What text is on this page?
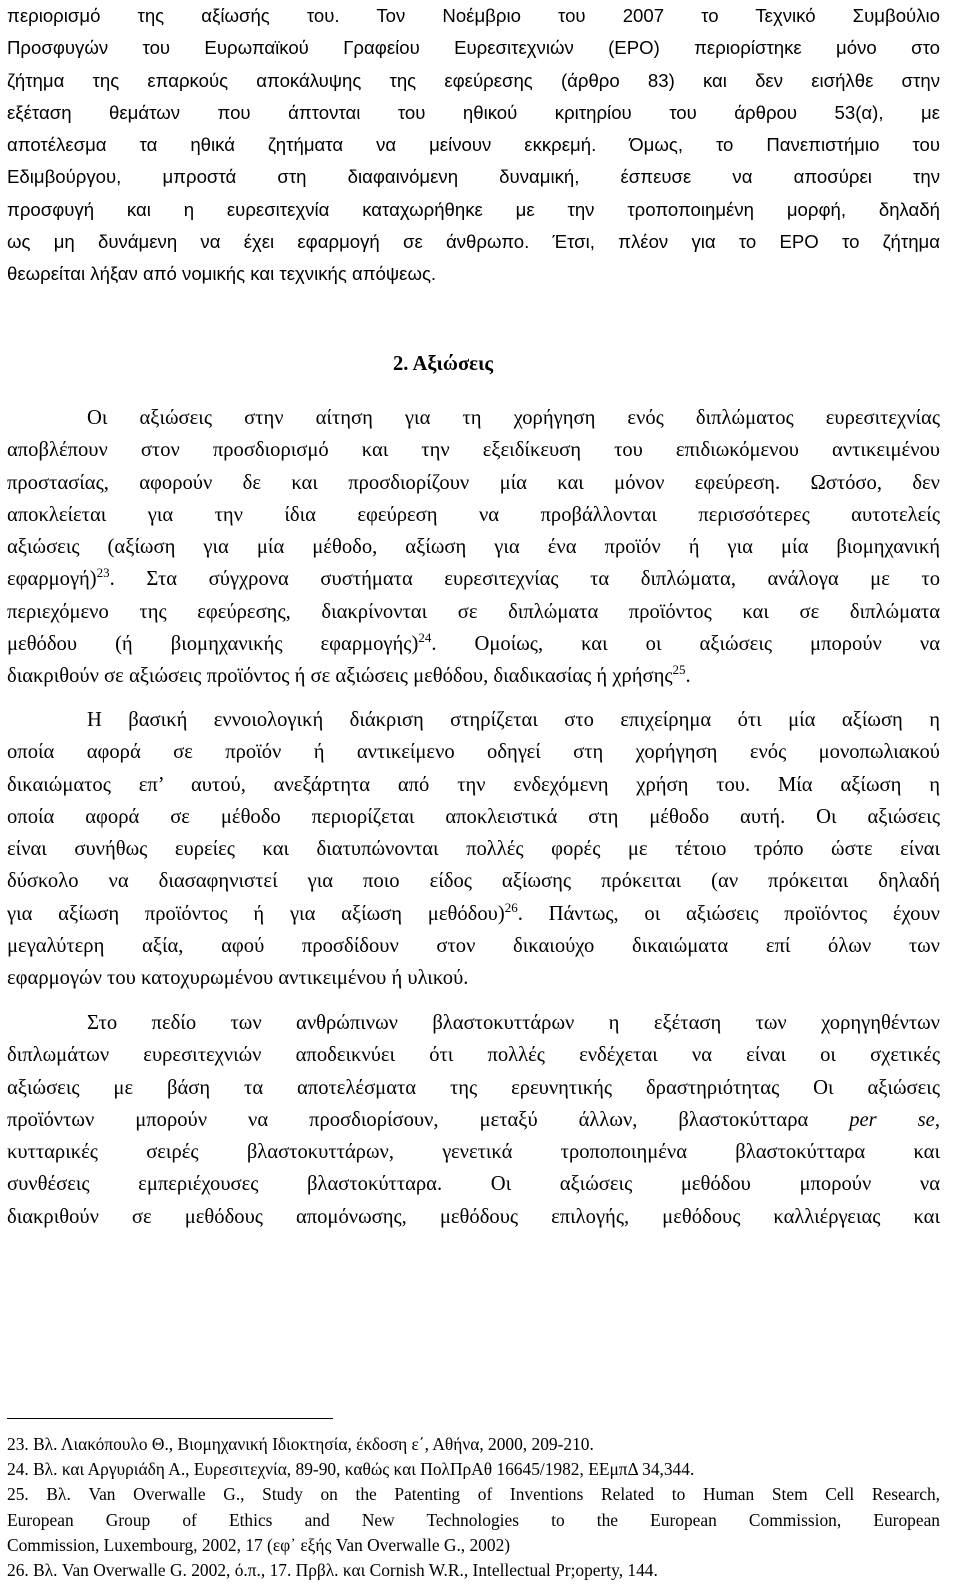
περιορισμό της αξίωσής του. Τον Νοέμβριο του 2007 το Τεχνικό Συμβούλιο
Προσφυγών του Ευρωπαϊκού Γραφείου Ευρεσιτεχνιών (EPO) περιορίστηκε μόνο στο
ζήτημα της επαρκούς αποκάλυψης της εφεύρεσης (άρθρο 83) και δεν εισήλθε στην
εξέταση θεμάτων που άπτονται του ηθικού κριτηρίου του άρθρου 53(α), με
αποτέλεσμα τα ηθικά ζητήματα να μείνουν εκκρεμή. Όμως, το Πανεπιστήμιο του
Εδιμβούργου, μπροστά στη διαφαινόμενη δυναμική, έσπευσε να αποσύρει την
προσφυγή και η ευρεσιτεχνία καταχωρήθηκε με την τροποποιημένη μορφή, δηλαδή
ως μη δυνάμενη να έχει εφαρμογή σε άνθρωπο. Έτσι, πλέον για το EPO το ζήτημα
θεωρείται λήξαν από νομικής και τεχνικής απόψεως.
2. Αξιώσεις
Οι αξιώσεις στην αίτηση για τη χορήγηση ενός διπλώματος ευρεσιτεχνίας
αποβλέπουν στον προσδιορισμό και την εξειδίκευση του επιδιωκόμενου αντικειμένου
προστασίας, αφορούν δε και προσδιορίζουν μία και μόνον εφεύρεση. Ωστόσο, δεν
αποκλείεται για την ίδια εφεύρεση να προβάλλονται περισσότερες αυτοτελείς
αξιώσεις (αξίωση για μία μέθοδο, αξίωση για ένα προϊόν ή για μία βιομηχανική
εφαρμογή)$^{23}$. Στα σύγχρονα συστήματα ευρεσιτεχνίας τα διπλώματα, ανάλογα με το
περιεχόμενο της εφεύρεσης, διακρίνονται σε διπλώματα προϊόντος και σε διπλώματα
μεθόδου (ή βιομηχανικής εφαρμογής)$^{24}$. Ομοίως, και οι αξιώσεις μπορούν να
διακριθούν σε αξιώσεις προϊόντος ή σε αξιώσεις μεθόδου, διαδικασίας ή χρήσης$^{25}$.
Η βασική εννοιολογική διάκριση στηρίζεται στο επιχείρημα ότι μία αξίωση η
οποία αφορά σε προϊόν ή αντικείμενο οδηγεί στη χορήγηση ενός μονοπωλιακού
δικαιώματος επ’ αυτού, ανεξάρτητα από την ενδεχόμενη χρήση του. Μία αξίωση η
οποία αφορά σε μέθοδο περιορίζεται αποκλειστικά στη μέθοδο αυτή. Οι αξιώσεις
είναι συνήθως ευρείες και διατυπώνονται πολλές φορές με τέτοιο τρόπο ώστε είναι
δύσκολο να διασαφηνιστεί για ποιο είδος αξίωσης πρόκειται (αν πρόκειται δηλαδή
για αξίωση προϊόντος ή για αξίωση μεθόδου)$^{26}$. Πάντως, οι αξιώσεις προϊόντος έχουν
μεγαλύτερη αξία, αφού προσδίδουν στον δικαιούχο δικαιώματα επί όλων των
εφαρμογών του κατοχυρωμένου αντικειμένου ή υλικού.
Στο πεδίο των ανθρώπινων βλαστοκυττάρων η εξέταση των χορηγηθέντων
διπλωμάτων ευρεσιτεχνιών αποδεικνύει ότι πολλές ενδέχεται να είναι οι σχετικές
αξιώσεις με βάση τα αποτελέσματα της ερευνητικής δραστηριότητας Οι αξιώσεις
προϊόντων μπορούν να προσδιορίσουν, μεταξύ άλλων, βλαστοκύτταρα per se,
κυτταρικές σειρές βλαστοκυττάρων, γενετικά τροποποιημένα βλαστοκύτταρα και
συνθέσεις εμπεριέχουσες βλαστοκύτταρα. Οι αξιώσεις μεθόδου μπορούν να
διακριθούν σε μεθόδους απομόνωσης, μεθόδους επιλογής, μεθόδους καλλιέργειας και
23. Βλ. Λιακόπουλο Θ., Βιομηχανική Ιδιοκτησία, έκδοση ε΄, Αθήνα, 2000, 209-210.
24. Βλ. και Αργυριάδη Α., Ευρεσιτεχνία, 89-90, καθώς και ΠολΠρΑθ 16645/1982, ΕΕμπΔ 34,344.
25. Βλ. Van Overwalle G., Study on the Patenting of Inventions Related to Human Stem Cell Research,
European Group of Ethics and New Technologies to the European Commission, European
Commission, Luxembourg, 2002, 17 (εφ᾽ εξής Van Overwalle G., 2002)
26. Βλ. Van Overwalle G. 2002, ό.π., 17. Πρβλ. και Cornish W.R., Intellectual Pr;operty, 144.
